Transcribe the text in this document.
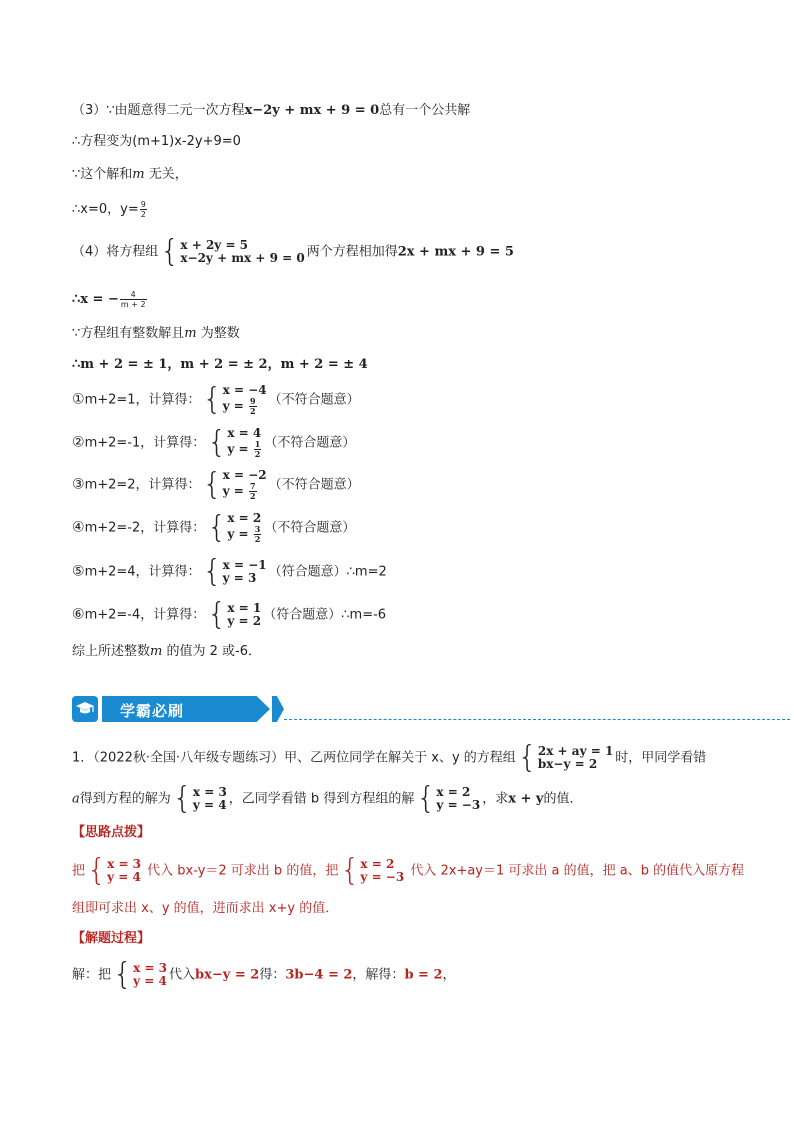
（3）∵由题意得二元一次方程x−2y + mx + 9 = 0总有一个公共解
∴方程变为(m+1)x-2y+9=0
∵这个解和m 无关，
∴x=0，$y= \frac{9}{2}$
（4）将方程组 { x + 2y = 5
x−2y + mx + 9 = 0 两个方程相加得2x + mx + 9 = 5
∴x = − $\frac{4}{m + 2}$
∵方程组有整数解且m 为整数
∴m + 2 = ± 1，m + 2 = ± 2，m + 2 = ± 4
①m+2=1，计算得： { x = −4
$y = \frac{9}{2}$ （不符合题意）
②m+2=-1，计算得： { x = 4
$y = \frac{1}{2}$ （不符合题意）
③m+2=2，计算得： { x = −2
$y = \frac{7}{2}$ （不符合题意）
④m+2=-2，计算得： { x = 2
$y = \frac{3}{2}$ （不符合题意）
⑤m+2=4，计算得： { x = −1
y = 3 （符合题意）∴m=2
⑥m+2=-4，计算得： { x = 1
y = 2 （符合题意）∴m=-6
综上所述整数m 的值为 2 或-6．
学霸必刷
1．（2022秋·全国·八年级专题练习）甲、乙两位同学在解关于 x、y 的方程组 { 2x + ay = 1
bx−y = 2	时，甲同学看错
a得到方程的解为 { x = 3
y = 4 ，乙同学看错 b 得到方程组的解 { x = 2
y = −3 ，求x + y的值．
【思路点拨】
把 { x = 3
y = 4 代入 bx-y＝2 可求出 b 的值，把 { x = 2
y = −3 代入 2x+ay＝1 可求出 a 的值，把 a、b 的值代入原方程
组即可求出 x、y 的值，进而求出 x+y 的值．
【解题过程】
解：把 { x = 3
y = 4 代入bx−y = 2得：3b−4 = 2，解得：b = 2，
